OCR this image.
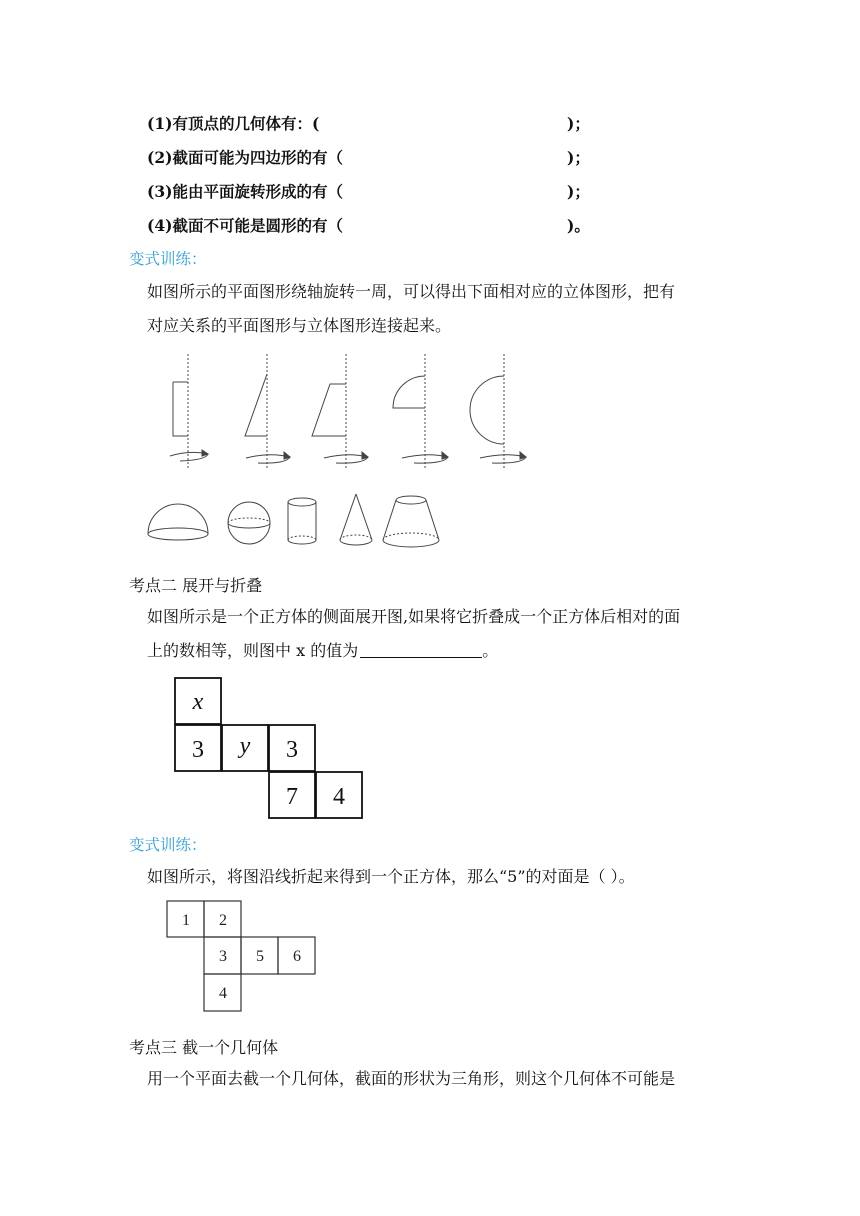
(1)有顶点的几何体有：(	)；
(2)截面可能为四边形的有（	)；
(3)能由平面旋转形成的有（	)；
(4)截面不可能是圆形的有（	)。
变式训练：
如图所示的平面图形绕轴旋转一周，可以得出下面相对应的立体图形，把有
对应关系的平面图形与立体图形连接起来。
考点二 展开与折叠
如图所示是一个正方体的侧面展开图,如果将它折叠成一个正方体后相对的面
上的数相等，则图中 x 的值为	。
x
3 y 3
7 4
变式训练：
如图所示，将图沿线折起来得到一个正方体，那么“5”的对面是（ ）。
1 2
3 5 6
4
考点三 截一个几何体
用一个平面去截一个几何体，截面的形状为三角形，则这个几何体不可能是
